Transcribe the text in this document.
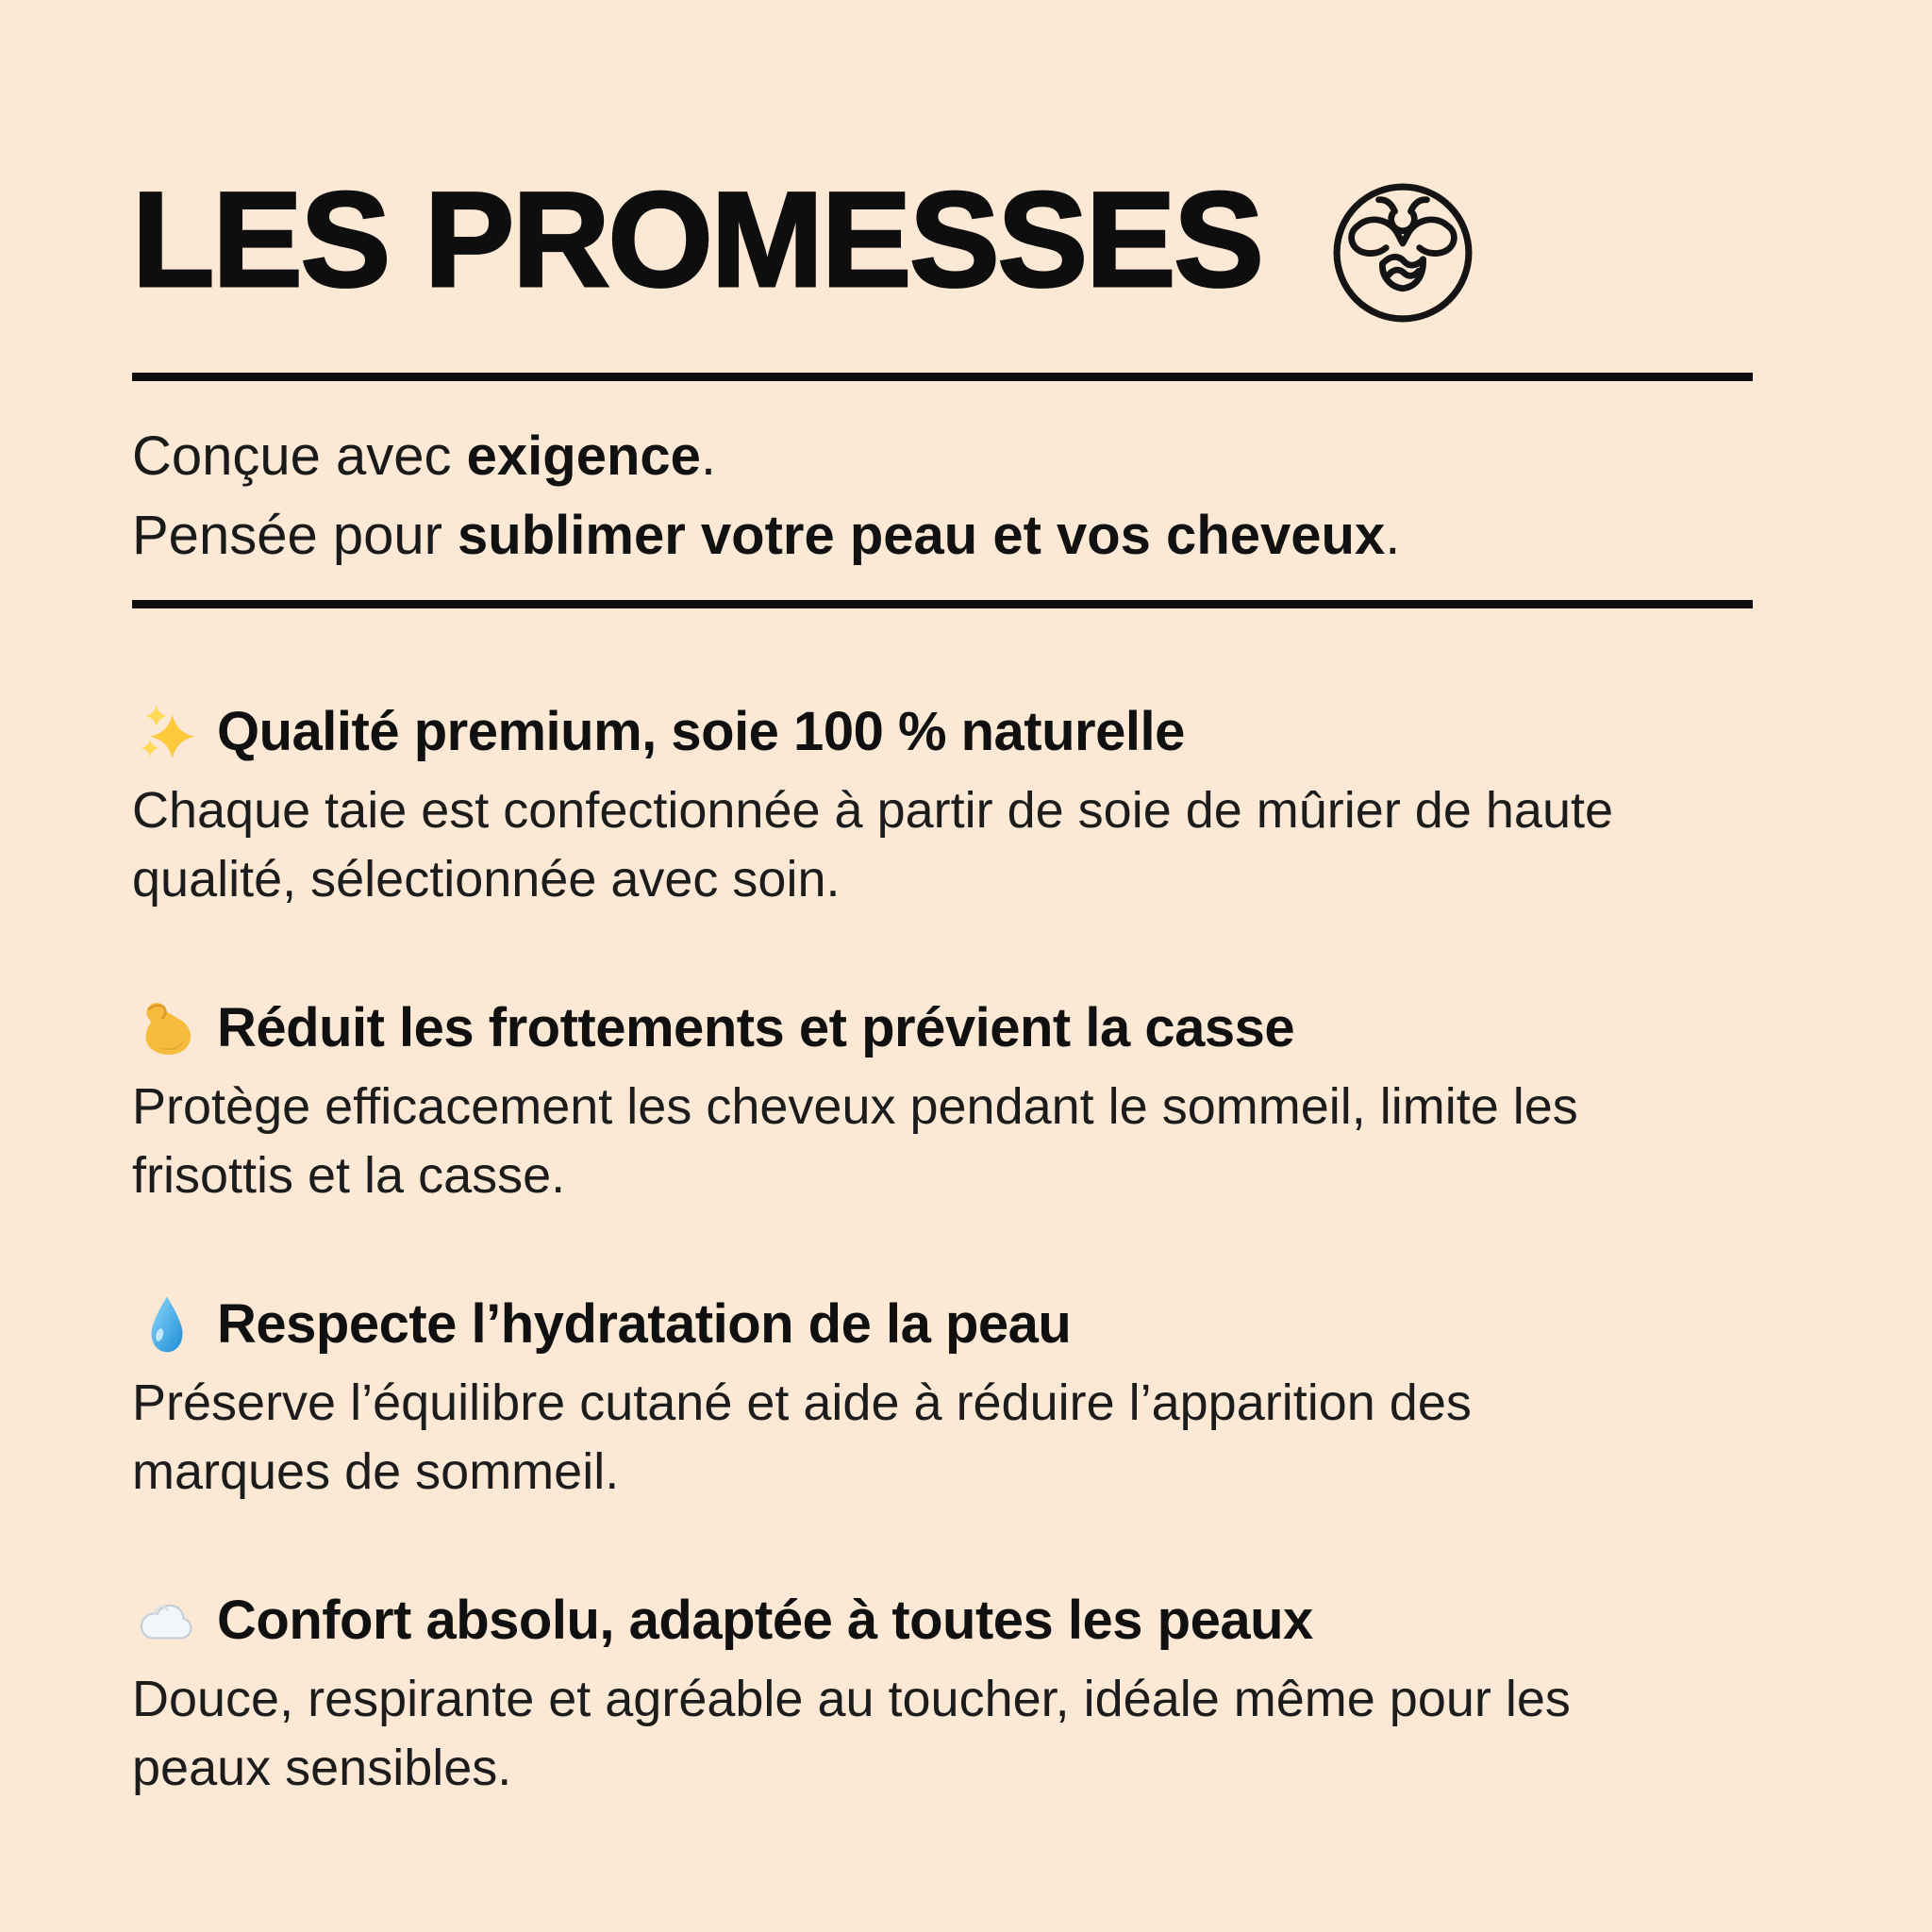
LES PROMESSES

Conçue avec exigence.

Pensée pour sublimer votre peau et vos cheveux.

Qualité premium, soie 100 % naturelle

Chaque taie est confectionnée à partir de soie de mûrier de haute
qualité, sélectionnée avec soin.

Réduit les frottements et prévient la casse

Protège efficacement les cheveux pendant le sommeil, limite les
frisottis et la casse.

Respecte l’hydratation de la peau

Préserve l’équilibre cutané et aide à réduire l’apparition des
marques de sommeil.

Confort absolu, adaptée à toutes les peaux

Douce, respirante et agréable au toucher, idéale même pour les
peaux sensibles.
